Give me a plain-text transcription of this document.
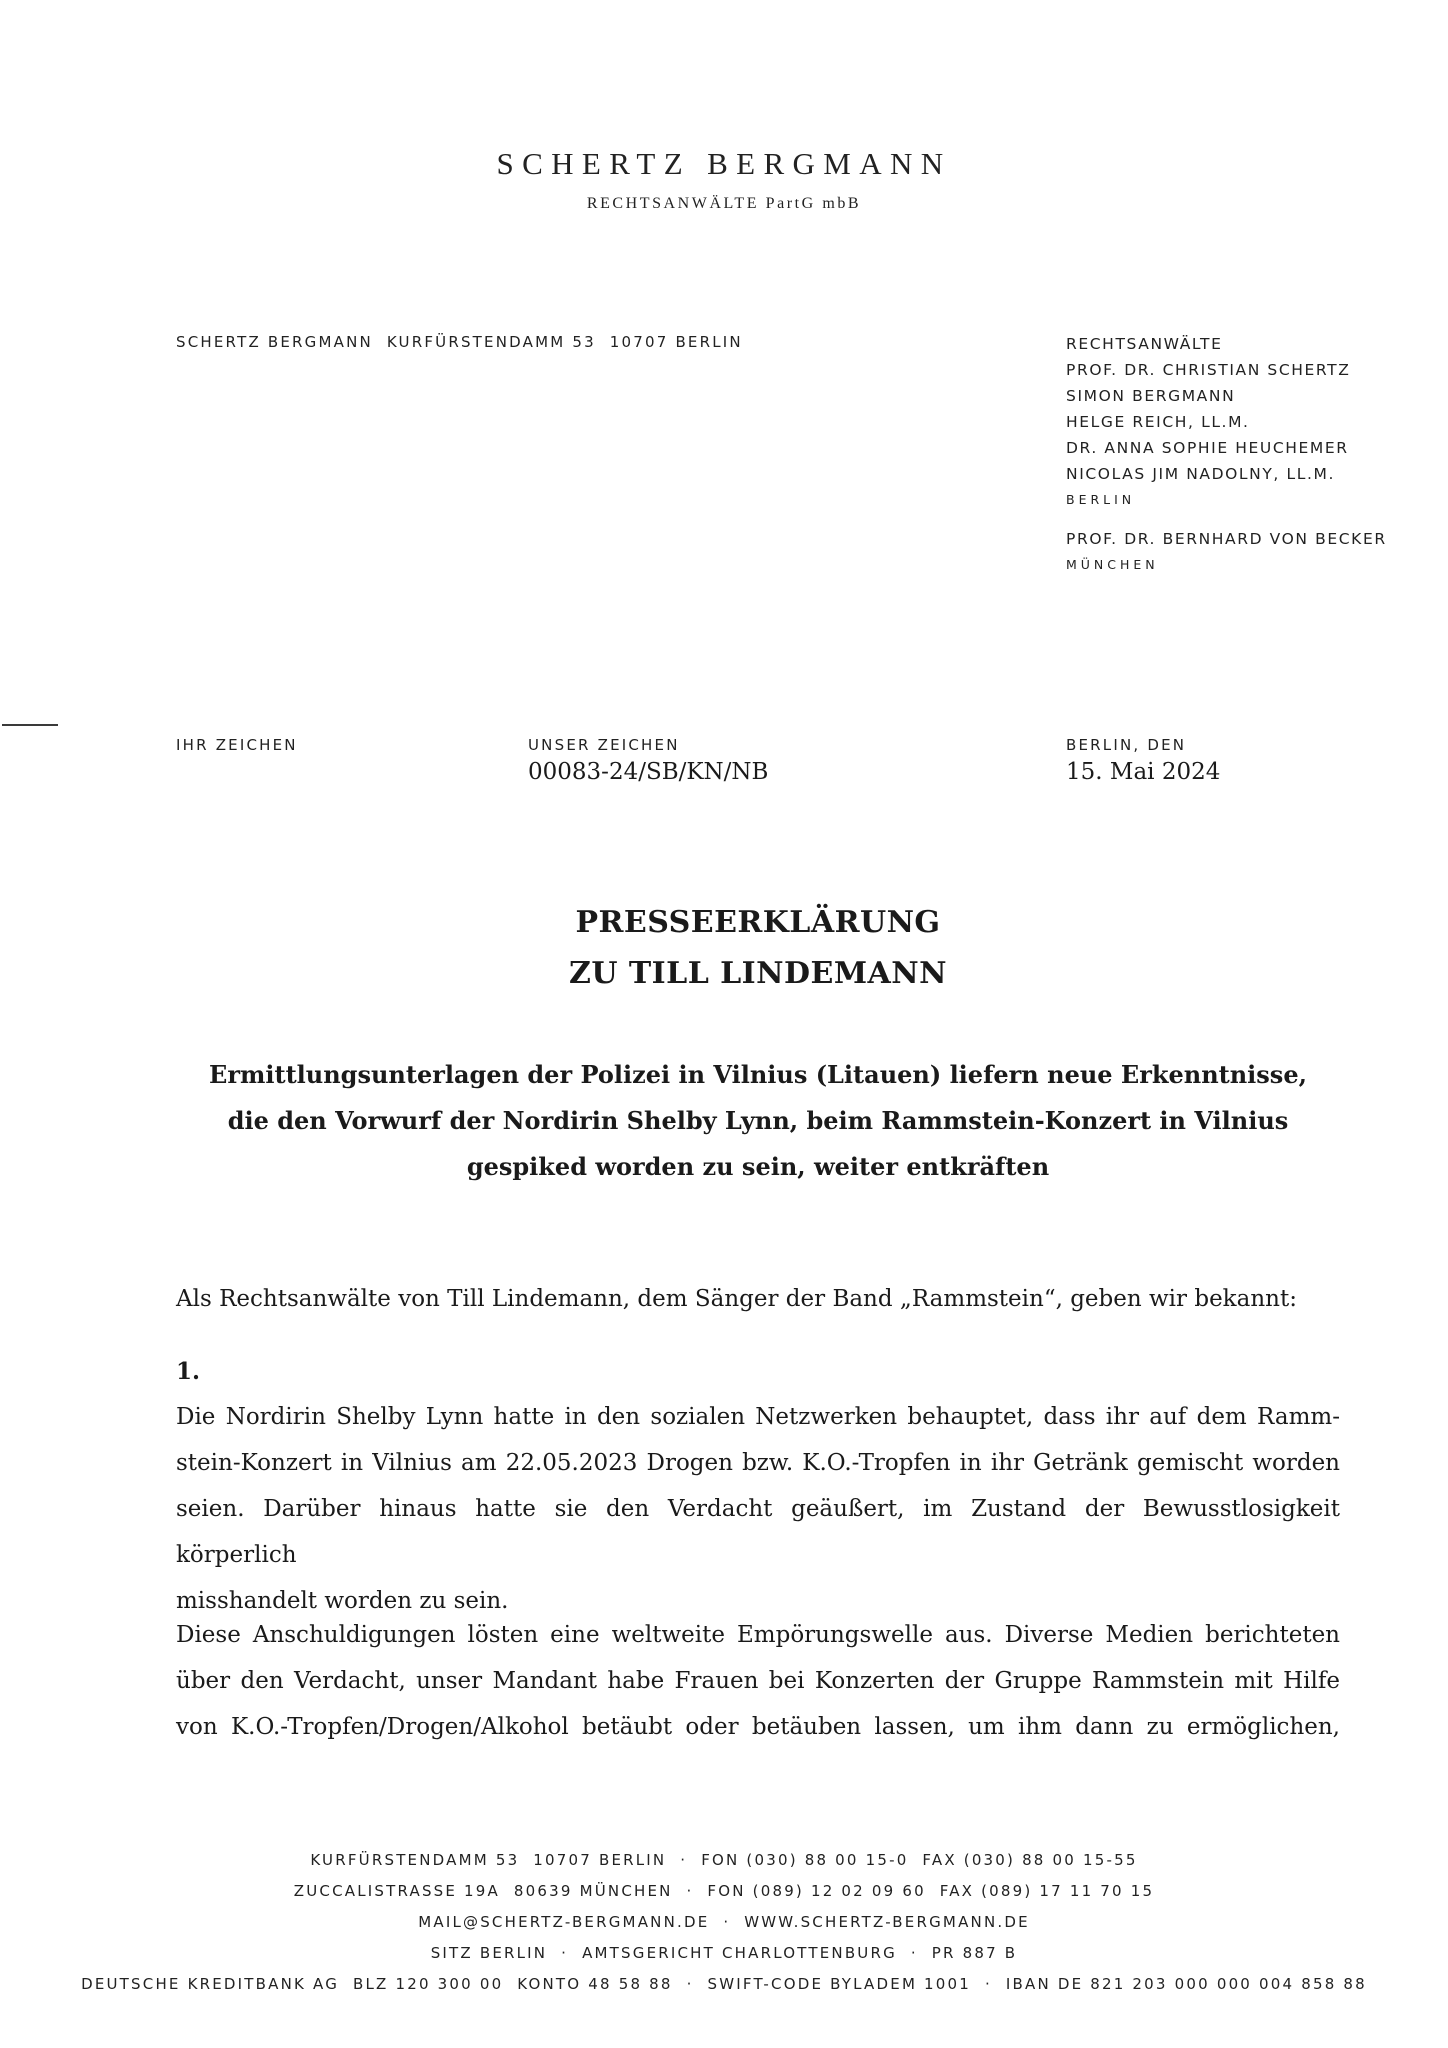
SCHERTZ BERGMANN
RECHTSANWÄLTE PartG mbB
SCHERTZ BERGMANN  KURFÜRSTENDAMM 53  10707 BERLIN	RECHTSANWÄLTE
PROF. DR. CHRISTIAN SCHERTZ
SIMON BERGMANN
HELGE REICH, LL.M.
DR. ANNA SOPHIE HEUCHEMER
NICOLAS JIM NADOLNY, LL.M.
BERLIN
PROF. DR. BERNHARD VON BECKER
MÜNCHEN
IHR ZEICHEN	UNSER ZEICHEN
00083-24/SB/KN/NB
BERLIN, DEN
15. Mai 2024
PRESSEERKLÄRUNG
ZU TILL LINDEMANN
Ermittlungsunterlagen der Polizei in Vilnius (Litauen) liefern neue Erkenntnisse,
die den Vorwurf der Nordirin Shelby Lynn, beim Rammstein-Konzert in Vilnius
gespiked worden zu sein, weiter entkräften

Als Rechtsanwälte von Till Lindemann, dem Sänger der Band „Rammstein“, geben wir bekannt:

1.
Die Nordirin Shelby Lynn hatte in den sozialen Netzwerken behauptet, dass ihr auf dem Ramm-
stein-Konzert in Vilnius am 22.05.2023 Drogen bzw. K.O.-Tropfen in ihr Getränk gemischt worden
seien. Darüber hinaus hatte sie den Verdacht geäußert, im Zustand der Bewusstlosigkeit körperlich
misshandelt worden zu sein.
Diese Anschuldigungen lösten eine weltweite Empörungswelle aus. Diverse Medien berichteten
über den Verdacht, unser Mandant habe Frauen bei Konzerten der Gruppe Rammstein mit Hilfe
von K.O.-Tropfen/Drogen/Alkohol betäubt oder betäuben lassen, um ihm dann zu ermöglichen,
KURFÜRSTENDAMM 53  10707 BERLIN  ·  FON (030) 88 00 15-0  FAX (030) 88 00 15-55
ZUCCALISTRASSE 19A  80639 MÜNCHEN  ·  FON (089) 12 02 09 60  FAX (089) 17 11 70 15
MAIL@SCHERTZ-BERGMANN.DE  ·  WWW.SCHERTZ-BERGMANN.DE
SITZ BERLIN  ·  AMTSGERICHT CHARLOTTENBURG  ·  PR 887 B
DEUTSCHE KREDITBANK AG  BLZ 120 300 00  KONTO 48 58 88  ·  SWIFT-CODE BYLADEM 1001  ·  IBAN DE 821 203 000 000 004 858 88
